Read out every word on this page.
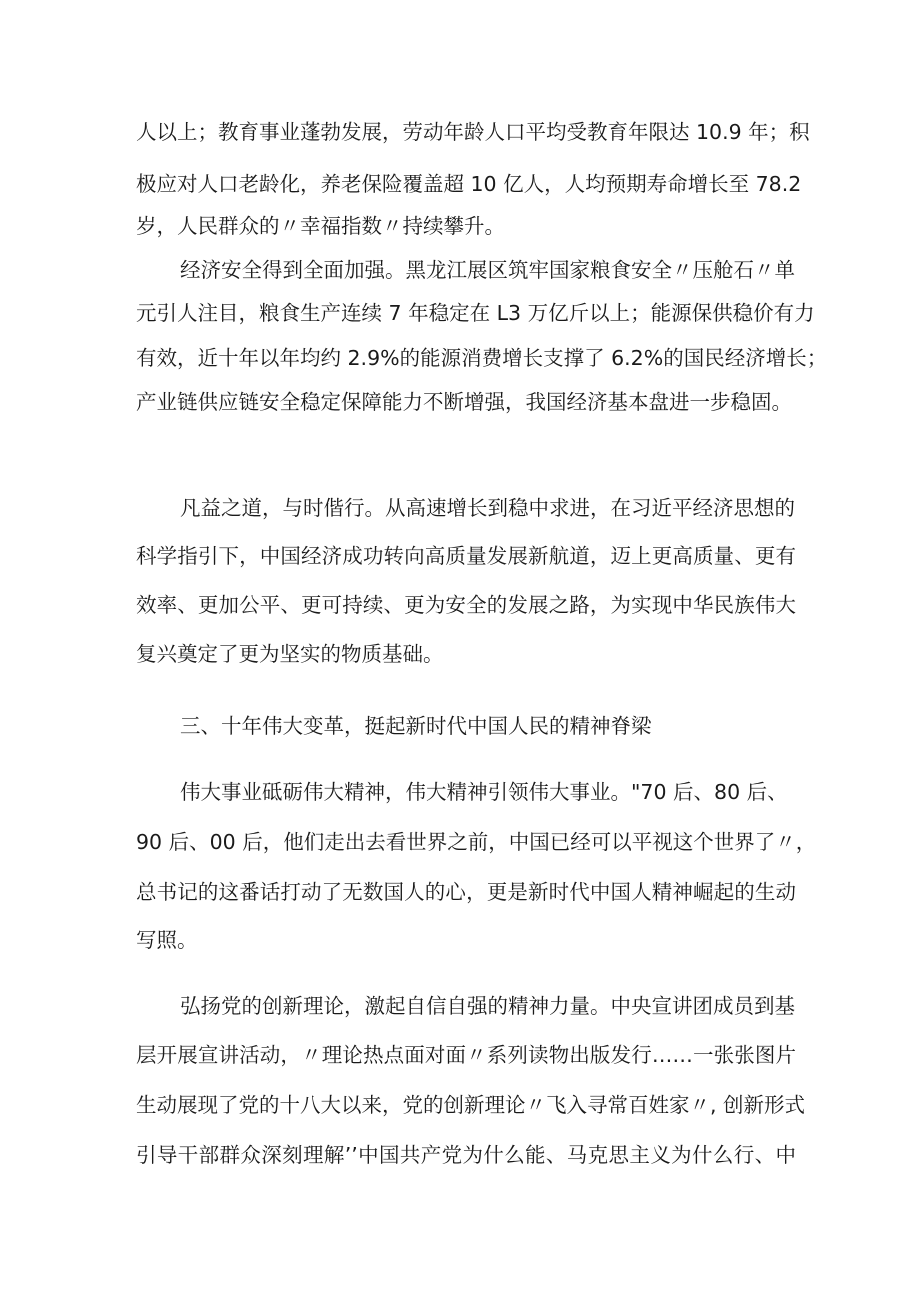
人以上；教育事业蓬勃发展，劳动年龄人口平均受教育年限达 10.9 年；积
极应对人口老龄化，养老保险覆盖超 10 亿人，人均预期寿命增长至 78.2
岁，人民群众的〃幸福指数〃持续攀升。
经济安全得到全面加强。黑龙江展区筑牢国家粮食安全〃压舱石〃单
元引人注目，粮食生产连续 7 年稳定在 L3 万亿斤以上；能源保供稳价有力
有效，近十年以年均约 2.9%的能源消费增长支撑了 6.2%的国民经济增长；
产业链供应链安全稳定保障能力不断增强，我国经济基本盘进一步稳固。
凡益之道，与时偕行。从高速增长到稳中求进，在习近平经济思想的
科学指引下，中国经济成功转向高质量发展新航道，迈上更高质量、更有
效率、更加公平、更可持续、更为安全的发展之路，为实现中华民族伟大
复兴奠定了更为坚实的物质基础。
三、十年伟大变革，挺起新时代中国人民的精神脊梁
伟大事业砥砺伟大精神，伟大精神引领伟大事业。"70 后、80 后、
90 后、00 后，他们走出去看世界之前，中国已经可以平视这个世界了〃，
总书记的这番话打动了无数国人的心，更是新时代中国人精神崛起的生动
写照。
弘扬党的创新理论，激起自信自强的精神力量。中央宣讲团成员到基
层开展宣讲活动，〃理论热点面对面〃系列读物出版发行……一张张图片
生动展现了党的十八大以来，党的创新理论〃飞入寻常百姓家〃, 创新形式
引导干部群众深刻理解’’中国共产党为什么能、马克思主义为什么行、中
